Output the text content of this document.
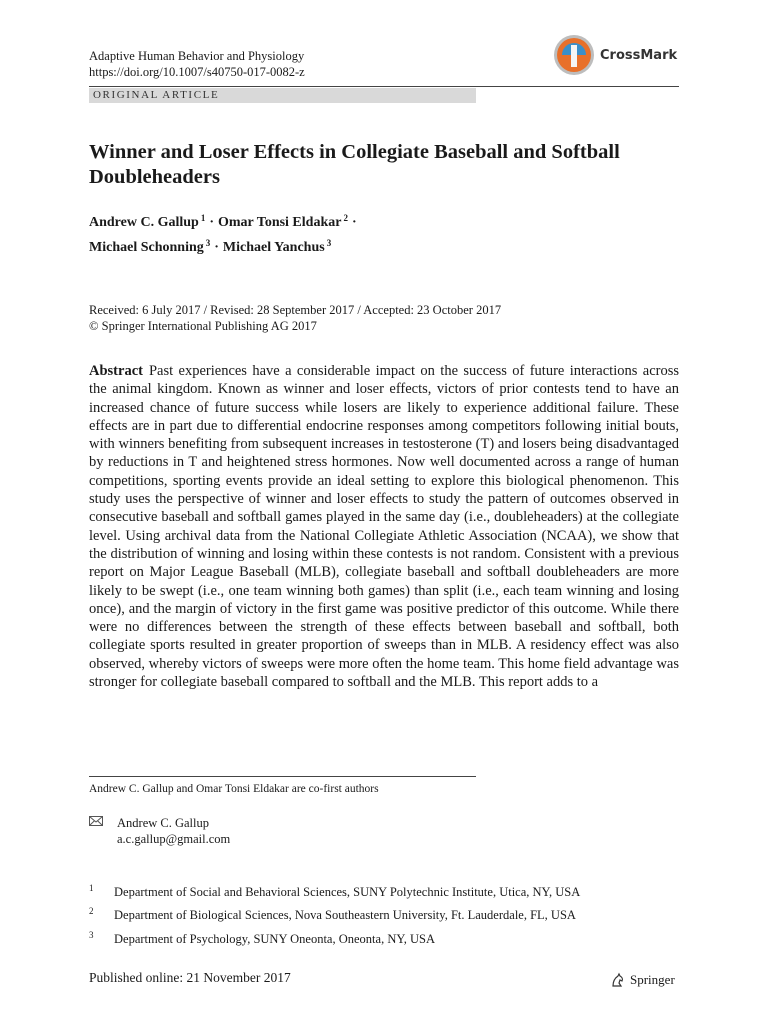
Adaptive Human Behavior and Physiology
https://doi.org/10.1007/s40750-017-0082-z
CrossMark
ORIGINAL ARTICLE
Winner and Loser Effects in Collegiate Baseball and Softball Doubleheaders
Andrew C. Gallup $^1$ · Omar Tonsi Eldakar $^2$ ·
Michael Schonning $^3$ · Michael Yanchus $^3$
Received: 6 July 2017 / Revised: 28 September 2017 / Accepted: 23 October 2017
© Springer International Publishing AG 2017
Abstract Past experiences have a considerable impact on the success of future interactions across the animal kingdom. Known as winner and loser effects, victors of prior contests tend to have an increased chance of future success while losers are likely to experience additional failure. These effects are in part due to differential endocrine responses among competitors following initial bouts, with winners benefiting from subsequent increases in testosterone (T) and losers being disadvantaged by reductions in T and heightened stress hormones. Now well documented across a range of human competitions, sporting events provide an ideal setting to explore this biological phenomenon. This study uses the perspective of winner and loser effects to study the pattern of outcomes observed in consecutive baseball and softball games played in the same day (i.e., doubleheaders) at the collegiate level. Using archival data from the National Collegiate Athletic Association (NCAA), we show that the distribution of winning and losing within these contests is not random. Consistent with a previous report on Major League Baseball (MLB), collegiate baseball and softball doubleheaders are more likely to be swept (i.e., one team winning both games) than split (i.e., each team winning and losing once), and the margin of victory in the first game was positive predictor of this outcome. While there were no differences between the strength of these effects between baseball and softball, both collegiate sports resulted in greater proportion of sweeps than in MLB. A residency effect was also observed, whereby victors of sweeps were more often the home team. This home field advantage was stronger for collegiate baseball compared to softball and the MLB. This report adds to a
Andrew C. Gallup and Omar Tonsi Eldakar are co-first authors
Andrew C. Gallup
a.c.gallup@gmail.com
1 Department of Social and Behavioral Sciences, SUNY Polytechnic Institute, Utica, NY, USA
2 Department of Biological Sciences, Nova Southeastern University, Ft. Lauderdale, FL, USA
3 Department of Psychology, SUNY Oneonta, Oneonta, NY, USA
Published online: 21 November 2017	Springer
